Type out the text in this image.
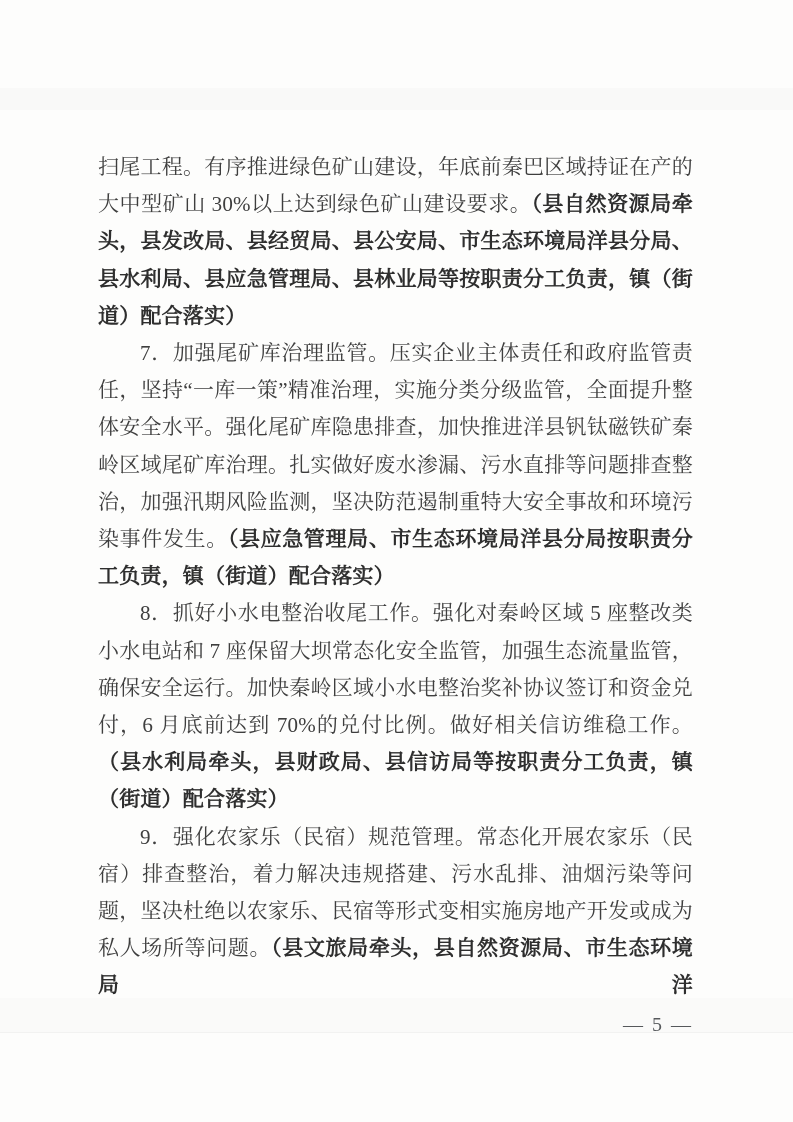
扫尾工程。有序推进绿色矿山建设，年底前秦巴区域持证在产的大中型矿山 30%以上达到绿色矿山建设要求。（县自然资源局牵头，县发改局、县经贸局、县公安局、市生态环境局洋县分局、县水利局、县应急管理局、县林业局等按职责分工负责，镇（街道）配合落实）

7．加强尾矿库治理监管。压实企业主体责任和政府监管责任，坚持“一库一策”精准治理，实施分类分级监管，全面提升整体安全水平。强化尾矿库隐患排查，加快推进洋县钒钛磁铁矿秦岭区域尾矿库治理。扎实做好废水渗漏、污水直排等问题排查整治，加强汛期风险监测，坚决防范遏制重特大安全事故和环境污染事件发生。（县应急管理局、市生态环境局洋县分局按职责分工负责，镇（街道）配合落实）

8．抓好小水电整治收尾工作。强化对秦岭区域 5 座整改类小水电站和 7 座保留大坝常态化安全监管，加强生态流量监管，确保安全运行。加快秦岭区域小水电整治奖补协议签订和资金兑付，6 月底前达到 70%的兑付比例。做好相关信访维稳工作。（县水利局牵头，县财政局、县信访局等按职责分工负责，镇（街道）配合落实）

9．强化农家乐（民宿）规范管理。常态化开展农家乐（民宿）排查整治，着力解决违规搭建、污水乱排、油烟污染等问题，坚决杜绝以农家乐、民宿等形式变相实施房地产开发或成为私人场所等问题。（县文旅局牵头，县自然资源局、市生态环境局洋

— 5 —
